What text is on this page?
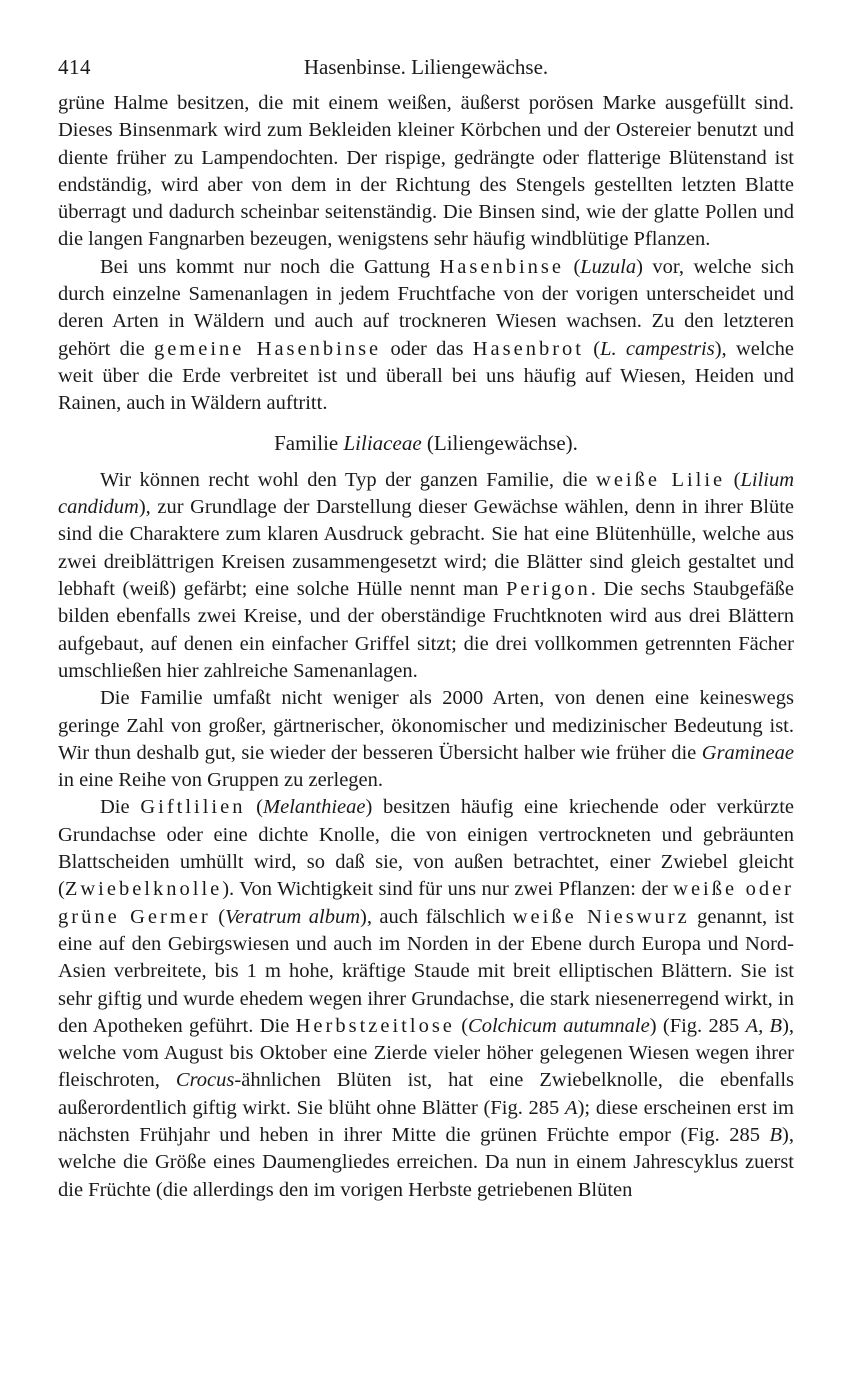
414	Hasenbinse. Liliengewächse.

grüne Halme besitzen, die mit einem weißen, äußerst porösen Marke ausgefüllt sind. Dieses Binsenmark wird zum Bekleiden kleiner Körbchen und der Ostereier benutzt und diente früher zu Lampendochten. Der rispige, gedrängte oder flatterige Blütenstand ist endständig, wird aber von dem in der Richtung des Stengels gestellten letzten Blatte überragt und dadurch scheinbar seitenständig. Die Binsen sind, wie der glatte Pollen und die langen Fangnarben bezeugen, wenigstens sehr häufig windblütige Pflanzen.

Bei uns kommt nur noch die Gattung Hasenbinse (Luzula) vor, welche sich durch einzelne Samenanlagen in jedem Fruchtfache von der vorigen unterscheidet und deren Arten in Wäldern und auch auf trockneren Wiesen wachsen. Zu den letzteren gehört die gemeine Hasenbinse oder das Hasenbrot (L. campestris), welche weit über die Erde verbreitet ist und überall bei uns häufig auf Wiesen, Heiden und Rainen, auch in Wäldern auftritt.

Familie Liliaceae (Liliengewächse).

Wir können recht wohl den Typ der ganzen Familie, die weiße Lilie (Lilium candidum), zur Grundlage der Darstellung dieser Gewächse wählen, denn in ihrer Blüte sind die Charaktere zum klaren Ausdruck gebracht. Sie hat eine Blütenhülle, welche aus zwei dreiblättrigen Kreisen zusammengesetzt wird; die Blätter sind gleich gestaltet und lebhaft (weiß) gefärbt; eine solche Hülle nennt man Perigon. Die sechs Staubgefäße bilden ebenfalls zwei Kreise, und der oberständige Fruchtknoten wird aus drei Blättern aufgebaut, auf denen ein einfacher Griffel sitzt; die drei vollkommen getrennten Fächer umschließen hier zahlreiche Samenanlagen.

Die Familie umfaßt nicht weniger als 2000 Arten, von denen eine keineswegs geringe Zahl von großer, gärtnerischer, ökonomischer und medizinischer Bedeutung ist. Wir thun deshalb gut, sie wieder der besseren Übersicht halber wie früher die Gramineae in eine Reihe von Gruppen zu zerlegen.

Die Giftlilien (Melanthieae) besitzen häufig eine kriechende oder verkürzte Grundachse oder eine dichte Knolle, die von einigen vertrockneten und gebräunten Blattscheiden umhüllt wird, so daß sie, von außen betrachtet, einer Zwiebel gleicht (Zwiebelknolle). Von Wichtigkeit sind für uns nur zwei Pflanzen: der weiße oder grüne Germer (Veratrum album), auch fälschlich weiße Nieswurz genannt, ist eine auf den Gebirgswiesen und auch im Norden in der Ebene durch Europa und Nord-Asien verbreitete, bis 1 m hohe, kräftige Staude mit breit elliptischen Blättern. Sie ist sehr giftig und wurde ehedem wegen ihrer Grundachse, die stark niesenerregend wirkt, in den Apotheken geführt. Die Herbstzeitlose (Colchicum autumnale) (Fig. 285 A, B), welche vom August bis Oktober eine Zierde vieler höher gelegenen Wiesen wegen ihrer fleischroten, Crocus-ähnlichen Blüten ist, hat eine Zwiebelknolle, die ebenfalls außerordentlich giftig wirkt. Sie blüht ohne Blätter (Fig. 285 A); diese erscheinen erst im nächsten Frühjahr und heben in ihrer Mitte die grünen Früchte empor (Fig. 285 B), welche die Größe eines Daumengliedes erreichen. Da nun in einem Jahrescyklus zuerst die Früchte (die allerdings den im vorigen Herbste getriebenen Blüten
